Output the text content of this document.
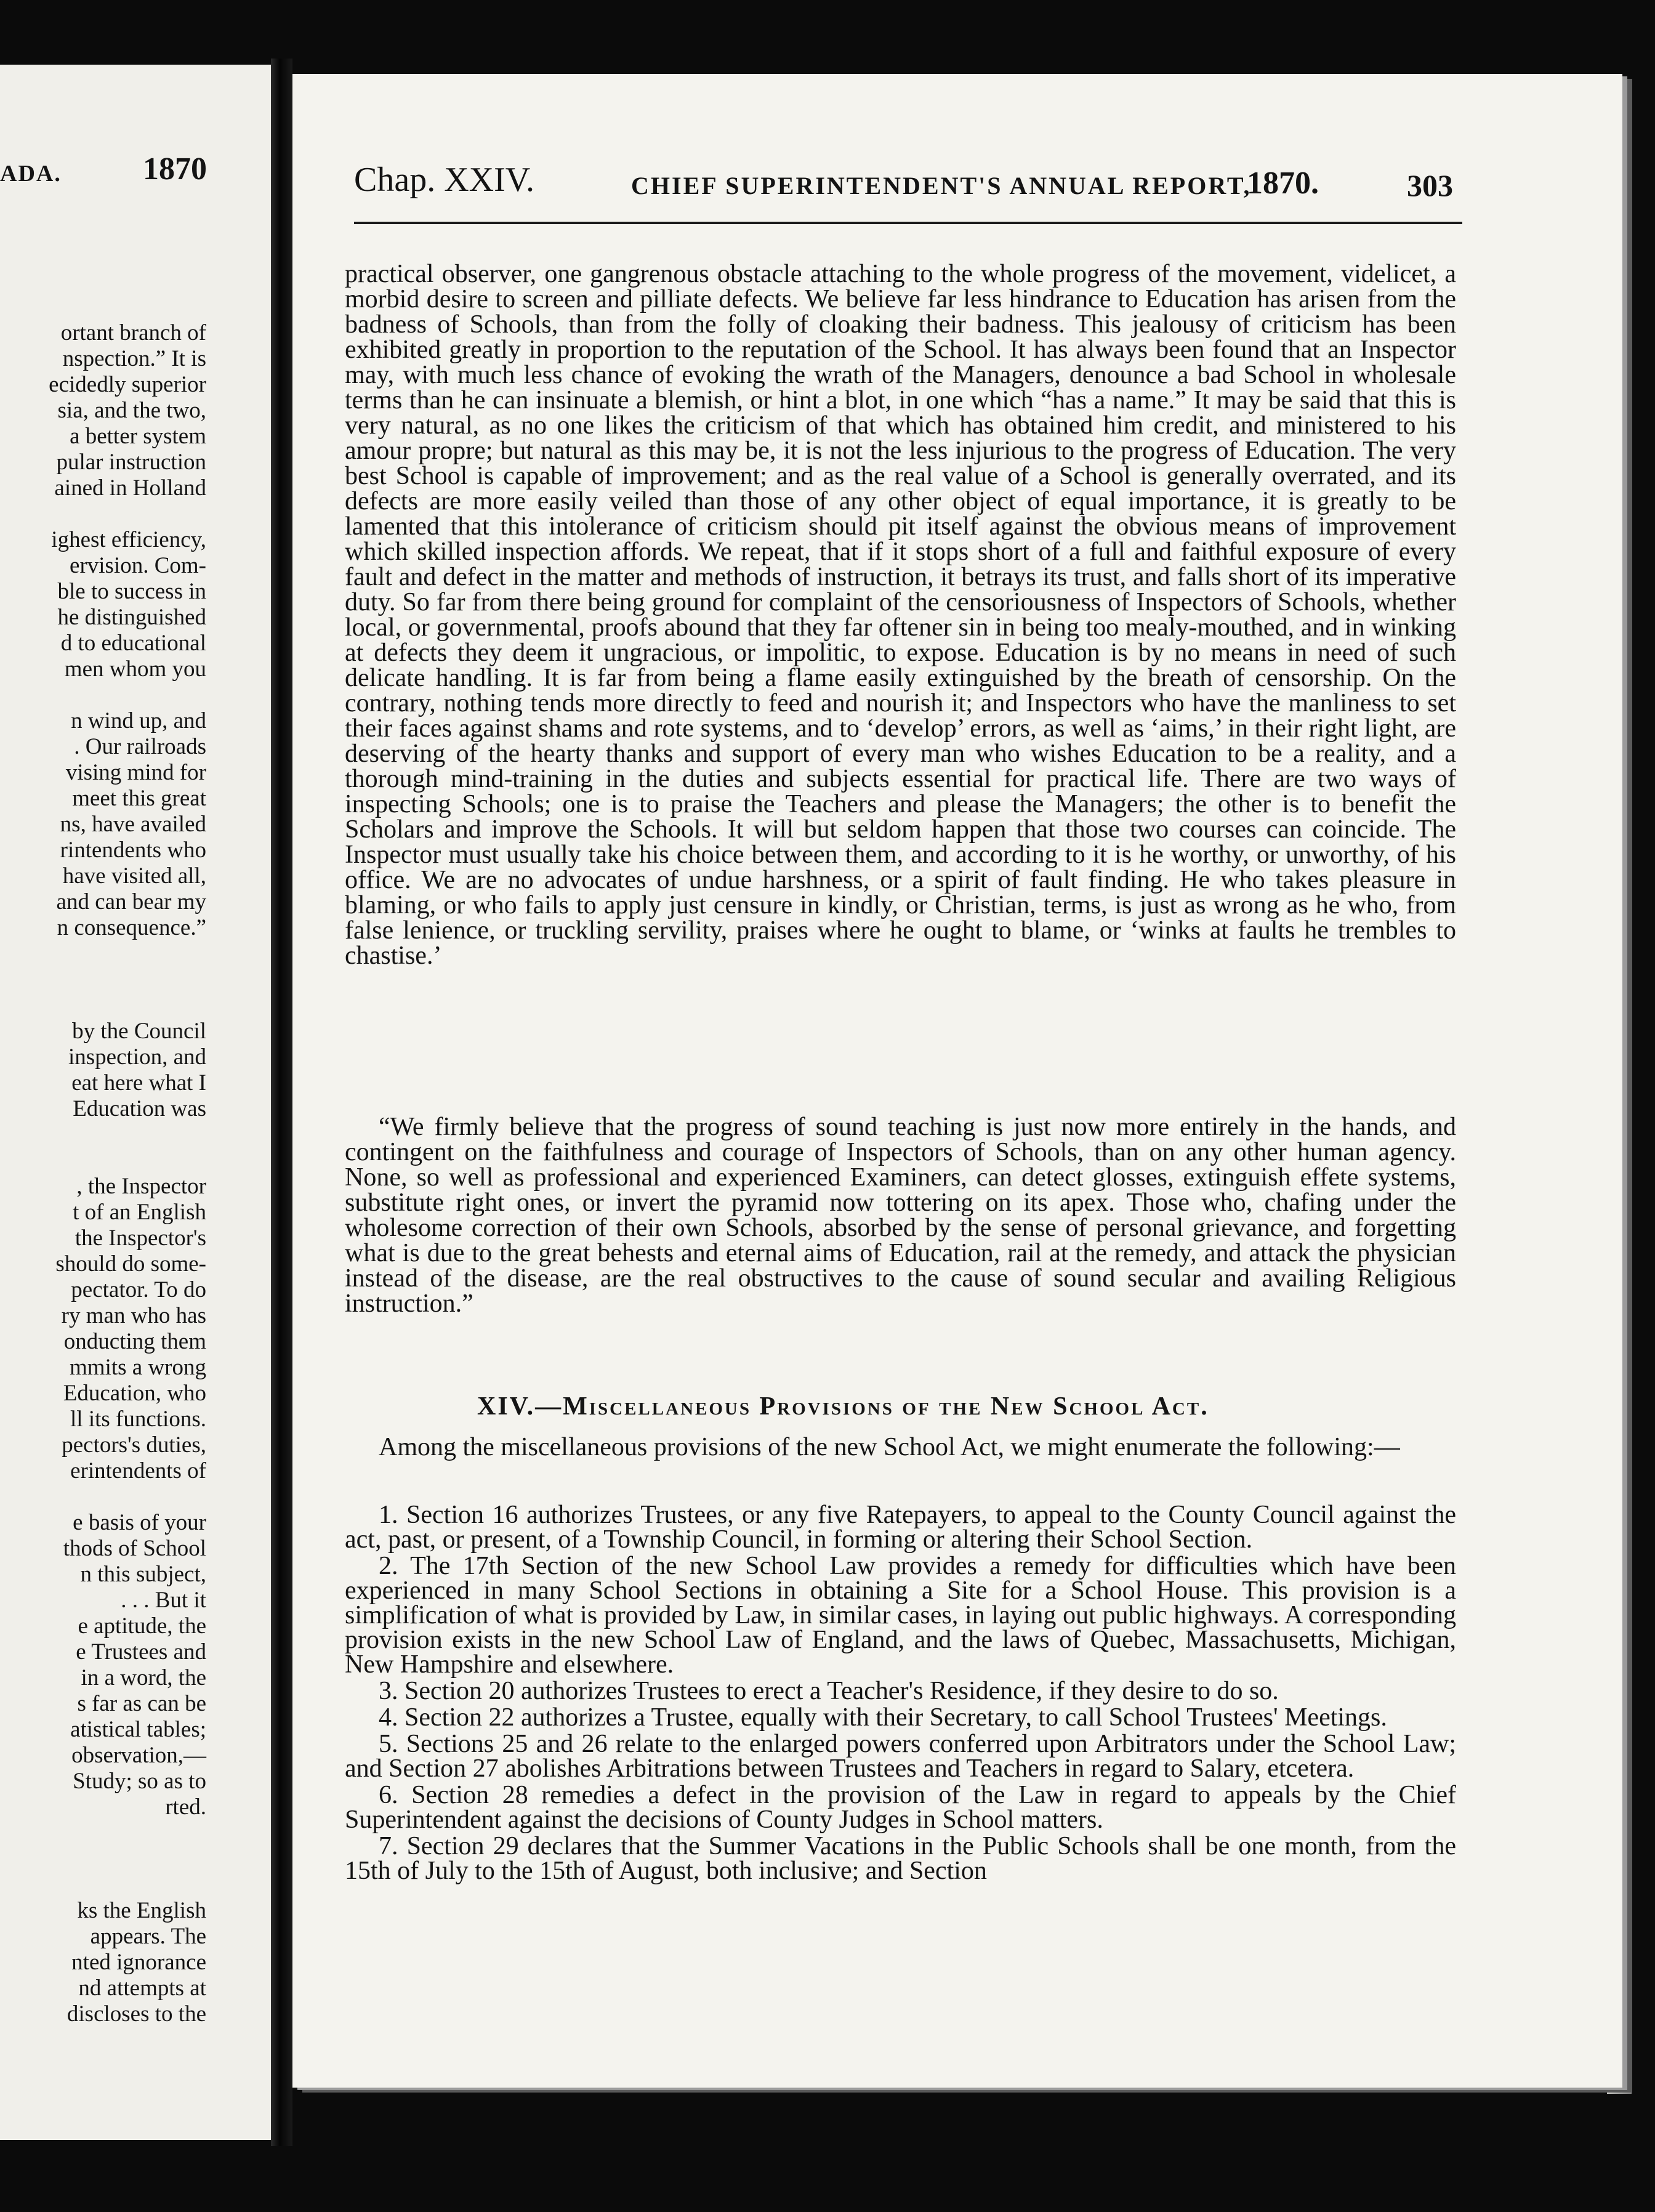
ADA.	1870
ortant branch of
nspection.” It is
ecidedly superior
sia, and the two,
a better system
pular instruction
ained in Holland
ighest efficiency,
ervision. Com-
ble to success in
he distinguished
d to educational
men whom you
n wind up, and
. Our railroads
vising mind for
meet this great
ns, have availed
rintendents who
have visited all,
and can bear my
n consequence.”
by the Council
inspection, and
eat here what I
Education was
, the Inspector
t of an English
the Inspector's
should do some-
pectator. To do
ry man who has
onducting them
mmits a wrong
Education, who
ll its functions.
pectors's duties,
erintendents of
e basis of your
thods of School
n this subject,
. . . But it
e aptitude, the
e Trustees and
in a word, the
s far as can be
atistical tables;
observation,—
Study; so as to
rted.
ks the English
appears. The
nted ignorance
nd attempts at
discloses to the
Chap. XXIV.	CHIEF SUPERINTENDENT'S ANNUAL REPORT,
1870.	303

practical observer, one gangrenous obstacle attaching to the whole progress of the movement, videlicet, a morbid desire to screen and pilliate defects. We believe far less hindrance to Education has arisen from the badness of Schools, than from the folly of cloaking their badness. This jealousy of criticism has been exhibited greatly in proportion to the reputation of the School. It has always been found that an Inspector may, with much less chance of evoking the wrath of the Managers, denounce a bad School in wholesale terms than he can insinuate a blemish, or hint a blot, in one which “has a name.” It may be said that this is very natural, as no one likes the criticism of that which has obtained him credit, and ministered to his amour propre; but natural as this may be, it is not the less injurious to the progress of Education. The very best School is capable of improvement; and as the real value of a School is generally overrated, and its defects are more easily veiled than those of any other object of equal importance, it is greatly to be lamented that this intolerance of criticism should pit itself against the obvious means of improvement which skilled inspection affords. We repeat, that if it stops short of a full and faithful exposure of every fault and defect in the matter and methods of instruction, it betrays its trust, and falls short of its imperative duty. So far from there being ground for complaint of the censoriousness of Inspectors of Schools, whether local, or governmental, proofs abound that they far oftener sin in being too mealy-mouthed, and in winking at defects they deem it ungracious, or impolitic, to expose. Education is by no means in need of such delicate handling. It is far from being a flame easily extinguished by the breath of censorship. On the contrary, nothing tends more directly to feed and nourish it; and Inspectors who have the manliness to set their faces against shams and rote systems, and to ‘develop’ errors, as well as ‘aims,’ in their right light, are deserving of the hearty thanks and support of every man who wishes Education to be a reality, and a thorough mind-training in the duties and subjects essential for practical life. There are two ways of inspecting Schools; one is to praise the Teachers and please the Managers; the other is to benefit the Scholars and improve the Schools. It will but seldom happen that those two courses can coincide. The Inspector must usually take his choice between them, and according to it is he worthy, or unworthy, of his office. We are no advocates of undue harshness, or a spirit of fault finding. He who takes pleasure in blaming, or who fails to apply just censure in kindly, or Christian, terms, is just as wrong as he who, from false lenience, or truckling servility, praises where he ought to blame, or ‘winks at faults he trembles to chastise.’

“We firmly believe that the progress of sound teaching is just now more entirely in the hands, and contingent on the faithfulness and courage of Inspectors of Schools, than on any other human agency. None, so well as professional and experienced Examiners, can detect glosses, extinguish effete systems, substitute right ones, or invert the pyramid now tottering on its apex. Those who, chafing under the wholesome correction of their own Schools, absorbed by the sense of personal grievance, and forgetting what is due to the great behests and eternal aims of Education, rail at the remedy, and attack the physician instead of the disease, are the real obstructives to the cause of sound secular and availing Religious instruction.”

XIV.—Miscellaneous Provisions of the New School Act.

Among the miscellaneous provisions of the new School Act, we might enumerate the following:—

1. Section 16 authorizes Trustees, or any five Ratepayers, to appeal to the County Council against the act, past, or present, of a Township Council, in forming or altering their School Section.
2. The 17th Section of the new School Law provides a remedy for difficulties which have been experienced in many School Sections in obtaining a Site for a School House. This provision is a simplification of what is provided by Law, in similar cases, in laying out public highways. A corresponding provision exists in the new School Law of England, and the laws of Quebec, Massachusetts, Michigan, New Hampshire and elsewhere.
3. Section 20 authorizes Trustees to erect a Teacher's Residence, if they desire to do so.
4. Section 22 authorizes a Trustee, equally with their Secretary, to call School Trustees' Meetings.
5. Sections 25 and 26 relate to the enlarged powers conferred upon Arbitrators under the School Law; and Section 27 abolishes Arbitrations between Trustees and Teachers in regard to Salary, etcetera.
6. Section 28 remedies a defect in the provision of the Law in regard to appeals by the Chief Superintendent against the decisions of County Judges in School matters.
7. Section 29 declares that the Summer Vacations in the Public Schools shall be one month, from the 15th of July to the 15th of August, both inclusive; and Section
